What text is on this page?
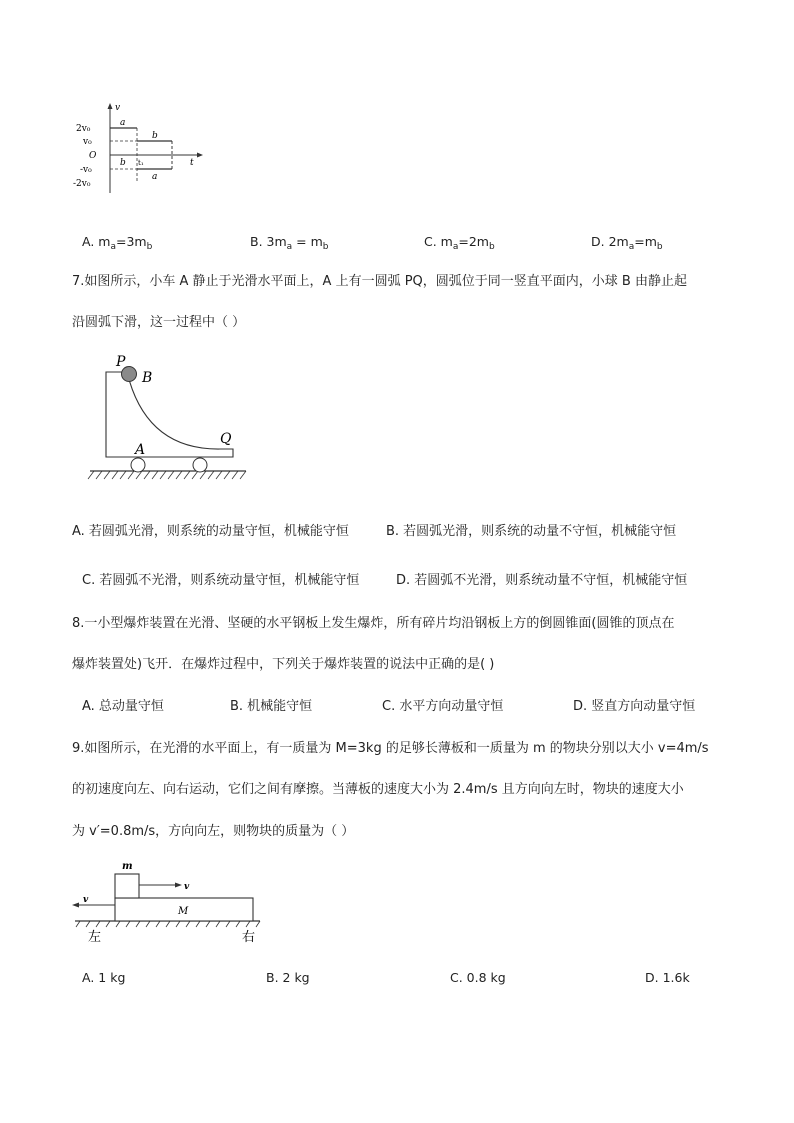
v
2v₀
v₀
O
-v₀
-2v₀
t
t₁
a
b
b
a
A. $m_a=3m_b$	B. $3m_a = m_b$	C. $m_a=2m_b$	D. $2m_a=m_b$
7.如图所示，小车 A 静止于光滑水平面上，A 上有一圆弧 PQ，圆弧位于同一竖直平面内，小球 B 由静止起
沿圆弧下滑，这一过程中（ ）
P
B
A
Q
A. 若圆弧光滑，则系统的动量守恒，机械能守恒	B. 若圆弧光滑，则系统的动量不守恒，机械能守恒
C. 若圆弧不光滑，则系统动量守恒，机械能守恒	D. 若圆弧不光滑，则系统动量不守恒，机械能守恒
8.一小型爆炸装置在光滑、坚硬的水平钢板上发生爆炸，所有碎片均沿钢板上方的倒圆锥面(圆锥的顶点在
爆炸装置处)飞开．在爆炸过程中，下列关于爆炸装置的说法中正确的是( )
A. 总动量守恒	B. 机械能守恒	C. 水平方向动量守恒	D. 竖直方向动量守恒
9.如图所示，在光滑的水平面上，有一质量为 M=3kg 的足够长薄板和一质量为 m 的物块分别以大小 v=4m/s
的初速度向左、向右运动，它们之间有摩擦。当薄板的速度大小为 2.4m/s 且方向向左时，物块的速度大小
为 v′=0.8m/s，方向向左，则物块的质量为（ ）
m
M
v
v
左	右
A. 1 kg	B. 2 kg	C. 0.8 kg	D. 1.6k
